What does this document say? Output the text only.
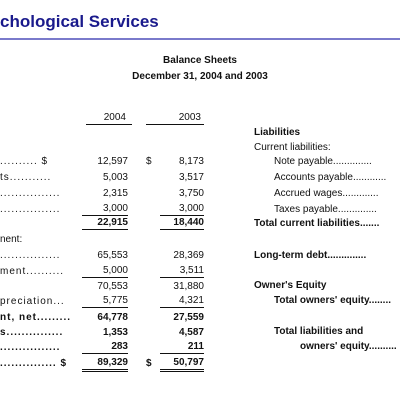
chological Services
Balance Sheets
December 31, 2004 and 2003
2004	2003
.......... $
ts...........
................
................
nent:
................
ment..........
preciation...
nt, net.........
s...............
................
............... $
$
$
12,597
5,003
2,315
3,000
22,915
65,553
5,000
70,553
5,775
64,778
1,353
283
89,329
8,173
3,517
3,750
3,000
18,440
28,369
3,511
31,880
4,321
27,559
4,587
211
50,797
Liabilities
Current liabilities:
Note payable..............
Accounts payable............
Accrued wages.............
Taxes payable..............
Total current liabilities.......
Long-term debt..............
Owner's Equity
Total owners' equity........
Total liabilities and
owners' equity..........
